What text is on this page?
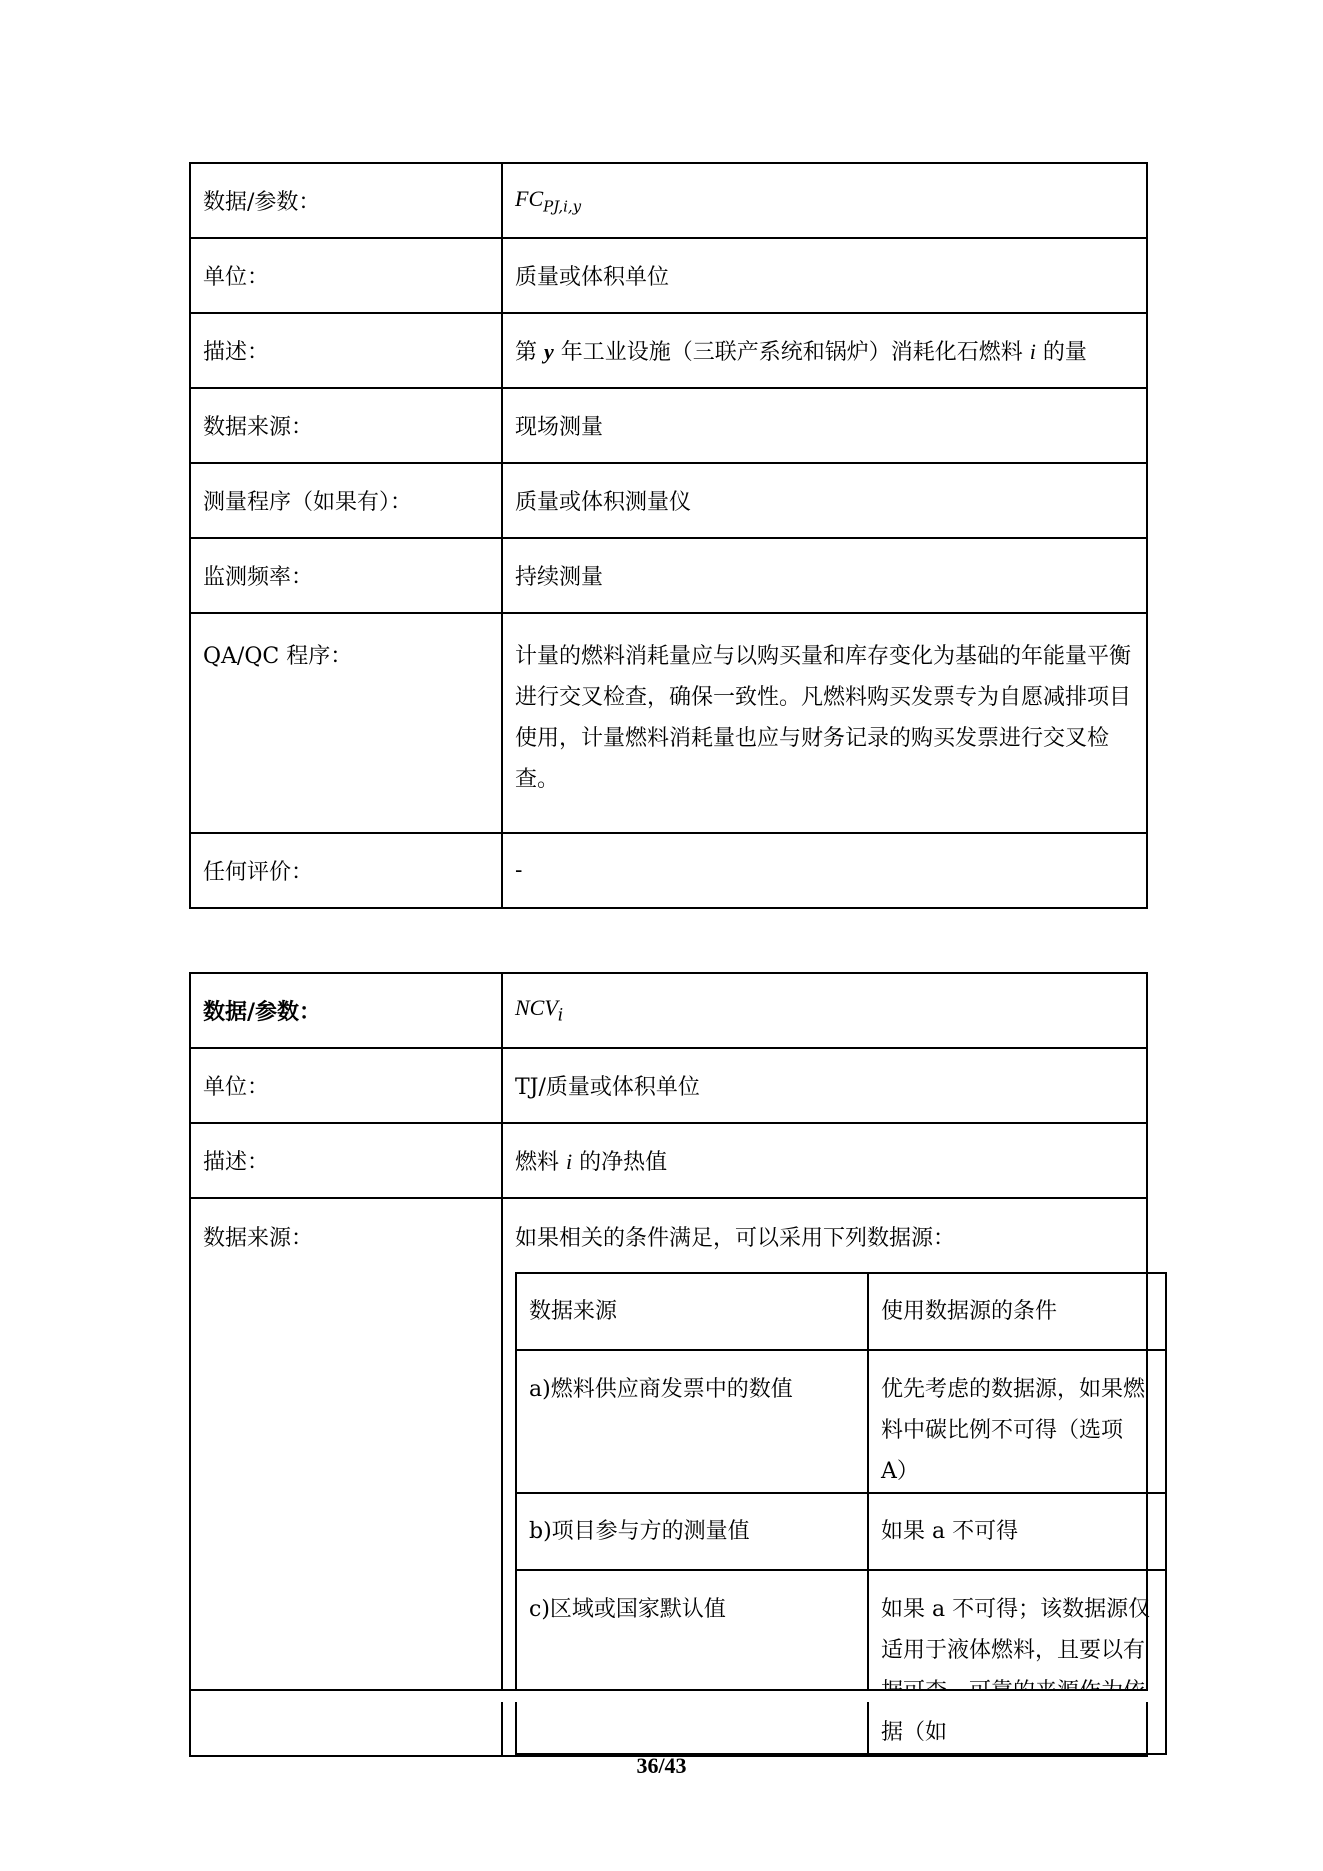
数据/参数：	$FC_{PJ,i,y}$
单位：	质量或体积单位
描述：	第 y 年工业设施（三联产系统和锅炉）消耗化石燃料 i 的量
数据来源：	现场测量
测量程序（如果有）：	质量或体积测量仪
监测频率：	持续测量
QA/QC 程序：	计量的燃料消耗量应与以购买量和库存变化为基础的年能量平衡进行交叉检查，确保一致性。凡燃料购买发票专为自愿减排项目使用，计量燃料消耗量也应与财务记录的购买发票进行交叉检查。
任何评价：	-
数据/参数：	$NCV_i$
单位：	TJ/质量或体积单位
描述：	燃料 i 的净热值
数据来源：	如果相关的条件满足，可以采用下列数据源：
数据来源	使用数据源的条件
a)燃料供应商发票中的数值	优先考虑的数据源，如果燃料中碳比例不可得（选项 A）
b)项目参与方的测量值	如果 a 不可得
c)区域或国家默认值	如果 a 不可得；该数据源仅适用于液体燃料，且要以有 据（如
36/43
